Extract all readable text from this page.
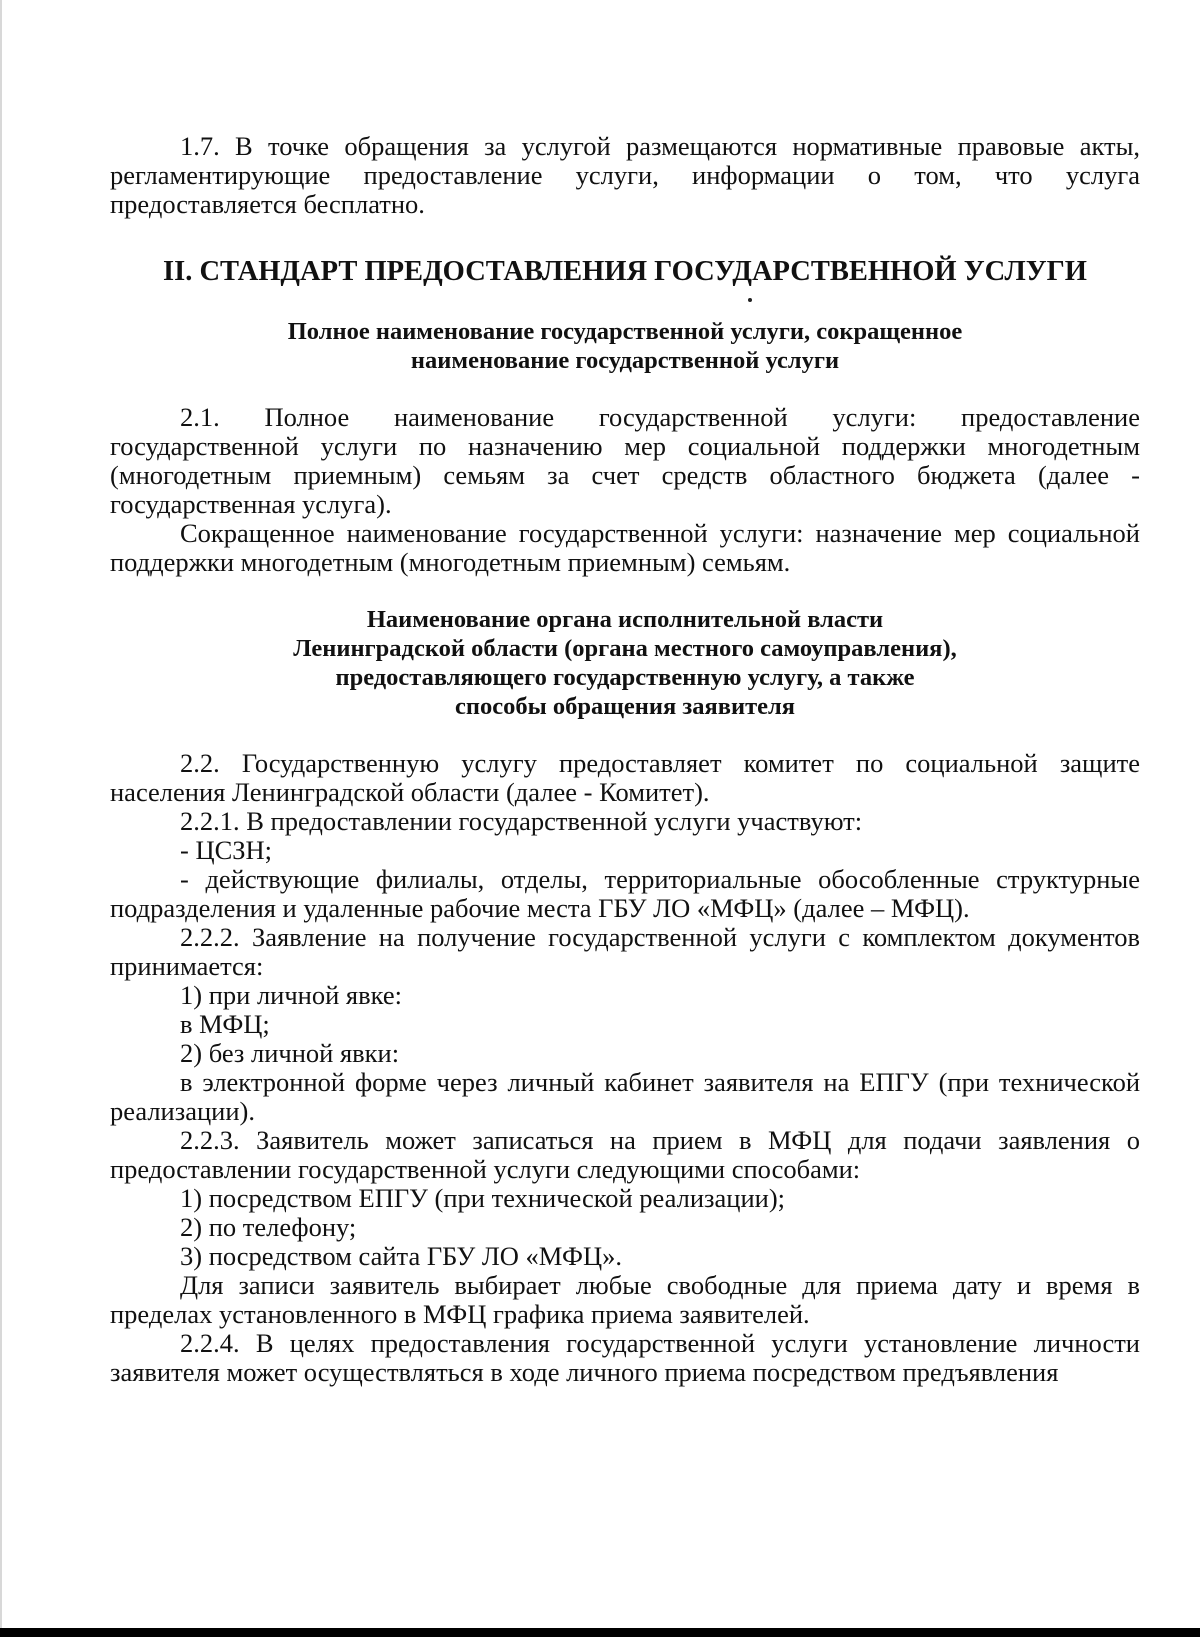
1.7. В точке обращения за услугой размещаются нормативные правовые акты, регламентирующие предоставление услуги, информации о том, что услуга предоставляется бесплатно.

II. СТАНДАРТ ПРЕДОСТАВЛЕНИЯ ГОСУДАРСТВЕННОЙ УСЛУГИ

Полное наименование государственной услуги, сокращенное

наименование государственной услуги

2.1. Полное наименование государственной услуги: предоставление государственной услуги по назначению мер социальной поддержки многодетным (многодетным приемным) семьям за счет средств областного бюджета (далее - государственная услуга).

Сокращенное наименование государственной услуги: назначение мер социальной поддержки многодетным (многодетным приемным) семьям.

Наименование органа исполнительной власти

Ленинградской области (органа местного самоуправления),

предоставляющего государственную услугу, а также

способы обращения заявителя

2.2. Государственную услугу предоставляет комитет по социальной защите населения Ленинградской области (далее - Комитет).

2.2.1. В предоставлении государственной услуги участвуют:

- ЦСЗН;

- действующие филиалы, отделы, территориальные обособленные структурные подразделения и удаленные рабочие места ГБУ ЛО «МФЦ» (далее – МФЦ).

2.2.2. Заявление на получение государственной услуги с комплектом документов принимается:

1) при личной явке:

в МФЦ;

2) без личной явки:

в электронной форме через личный кабинет заявителя на ЕПГУ (при технической реализации).

2.2.3. Заявитель может записаться на прием в МФЦ для подачи заявления о предоставлении государственной услуги следующими способами:

1) посредством ЕПГУ (при технической реализации);

2) по телефону;

3) посредством сайта ГБУ ЛО «МФЦ».

Для записи заявитель выбирает любые свободные для приема дату и время в пределах установленного в МФЦ графика приема заявителей.

2.2.4. В целях предоставления государственной услуги установление личности заявителя может осуществляться в ходе личного приема посредством предъявления
